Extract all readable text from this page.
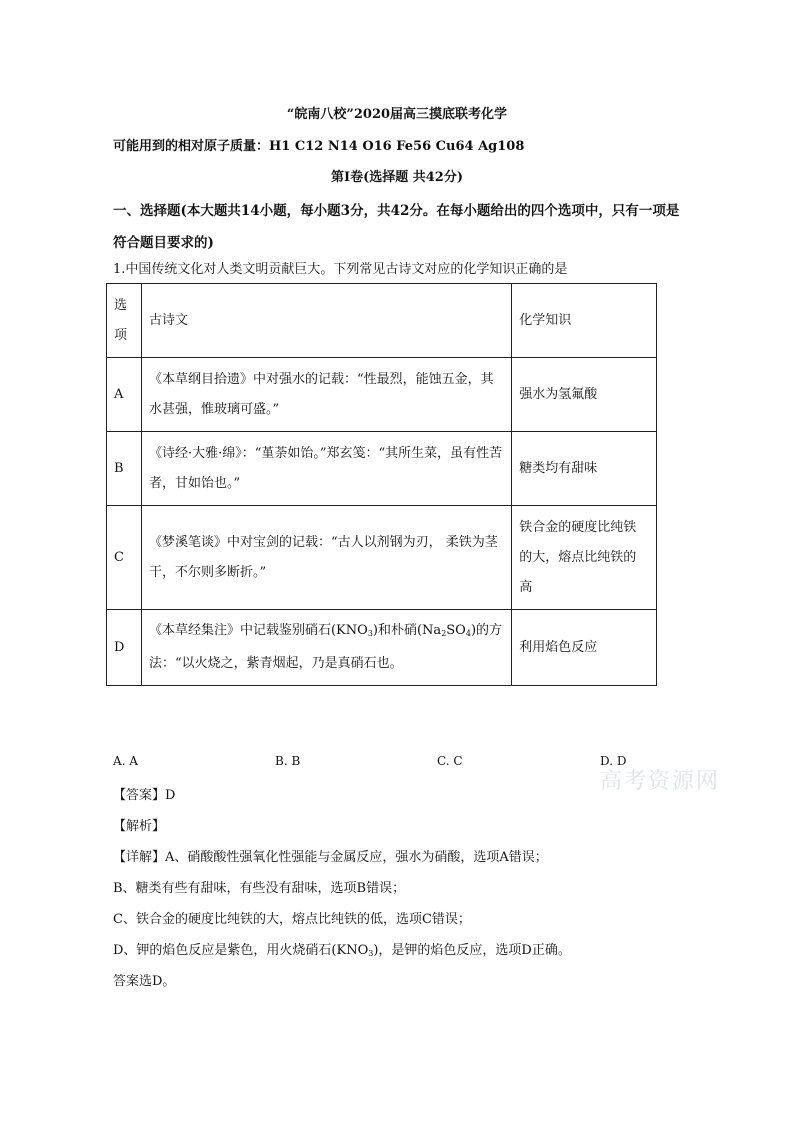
“皖南八校”2020届高三摸底联考化学
可能用到的相对原子质量：H1 C12 N14 O16 Fe56 Cu64 Ag108
第Ⅰ卷(选择题 共42分)
一、选择题(本大题共14小题，每小题3分，共42分。在每小题给出的四个选项中，只有一项是符合题目要求的)
1.中国传统文化对人类文明贡献巨大。下列常见古诗文对应的化学知识正确的是
选项	古诗文	化学知识
A	《本草纲目拾遗》中对强水的记载：“性最烈，能蚀五金，其水甚强，惟玻璃可盛。”	强水为氢氟酸
B	《诗经·大雅·绵》：“堇荼如饴。”郑玄笺：“其所生菜，虽有性苦者，甘如饴也。”	糖类均有甜味
C	《梦溪笔谈》中对宝剑的记载：“古人以剂钢为刃， 柔铁为茎干，不尔则多断折。”	铁合金的硬度比纯铁的大，熔点比纯铁的高
D	《本草经集注》中记载鉴别硝石$(KNO_3)$和朴硝$(Na_2SO_4)$的方法：“以火烧之，紫青烟起，乃是真硝石也。	利用焰色反应
A. A	B. B	C. C	D. D
高考资源网
【答案】D
【解析】
【详解】A、硝酸酸性强氧化性强能与金属反应，强水为硝酸，选项A错误；
B、糖类有些有甜味，有些没有甜味，选项B错误；
C、铁合金的硬度比纯铁的大，熔点比纯铁的低，选项C错误；
D、钾的焰色反应是紫色，用火烧硝石$(KNO_3)$，是钾的焰色反应，选项D正确。
答案选D。
